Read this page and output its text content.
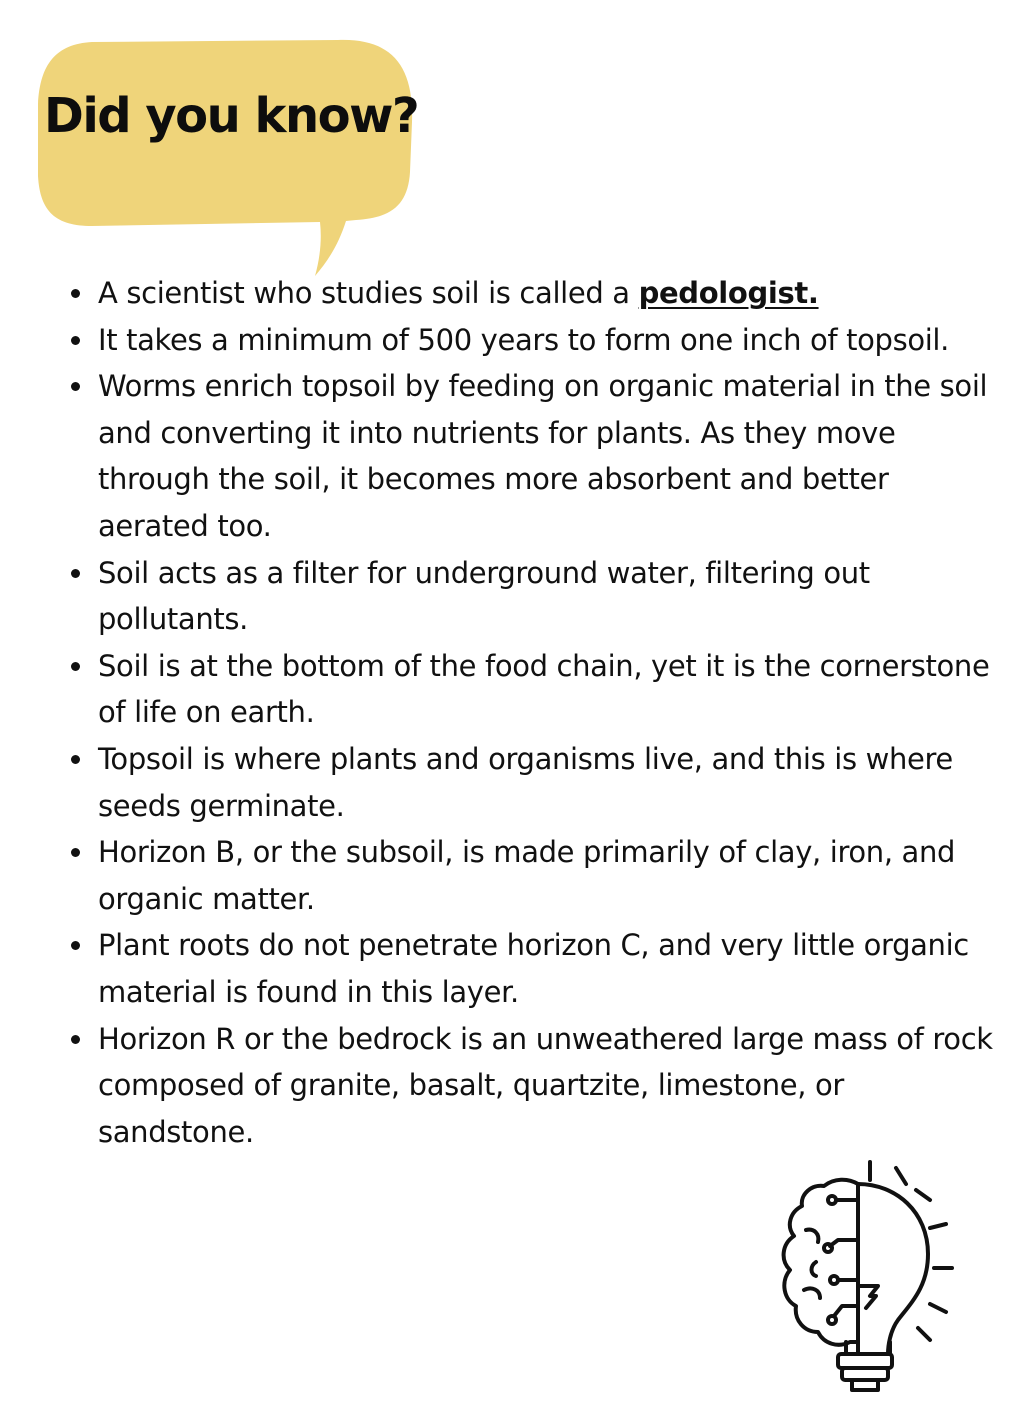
Did you know?
A scientist who studies soil is called a pedologist.
It takes a minimum of 500 years to form one inch of topsoil.
Worms enrich topsoil by feeding on organic material in the soil and converting it into nutrients for plants. As they move through the soil, it becomes more absorbent and better aerated too.
Soil acts as a filter for underground water, filtering out pollutants.
Soil is at the bottom of the food chain, yet it is the cornerstone of life on earth.
Topsoil is where plants and organisms live, and this is where seeds germinate.
Horizon B, or the subsoil, is made primarily of clay, iron, and organic matter.
Plant roots do not penetrate horizon C, and very little organic material is found in this layer.
Horizon R or the bedrock is an unweathered large mass of rock composed of granite, basalt, quartzite, limestone, or sandstone.
